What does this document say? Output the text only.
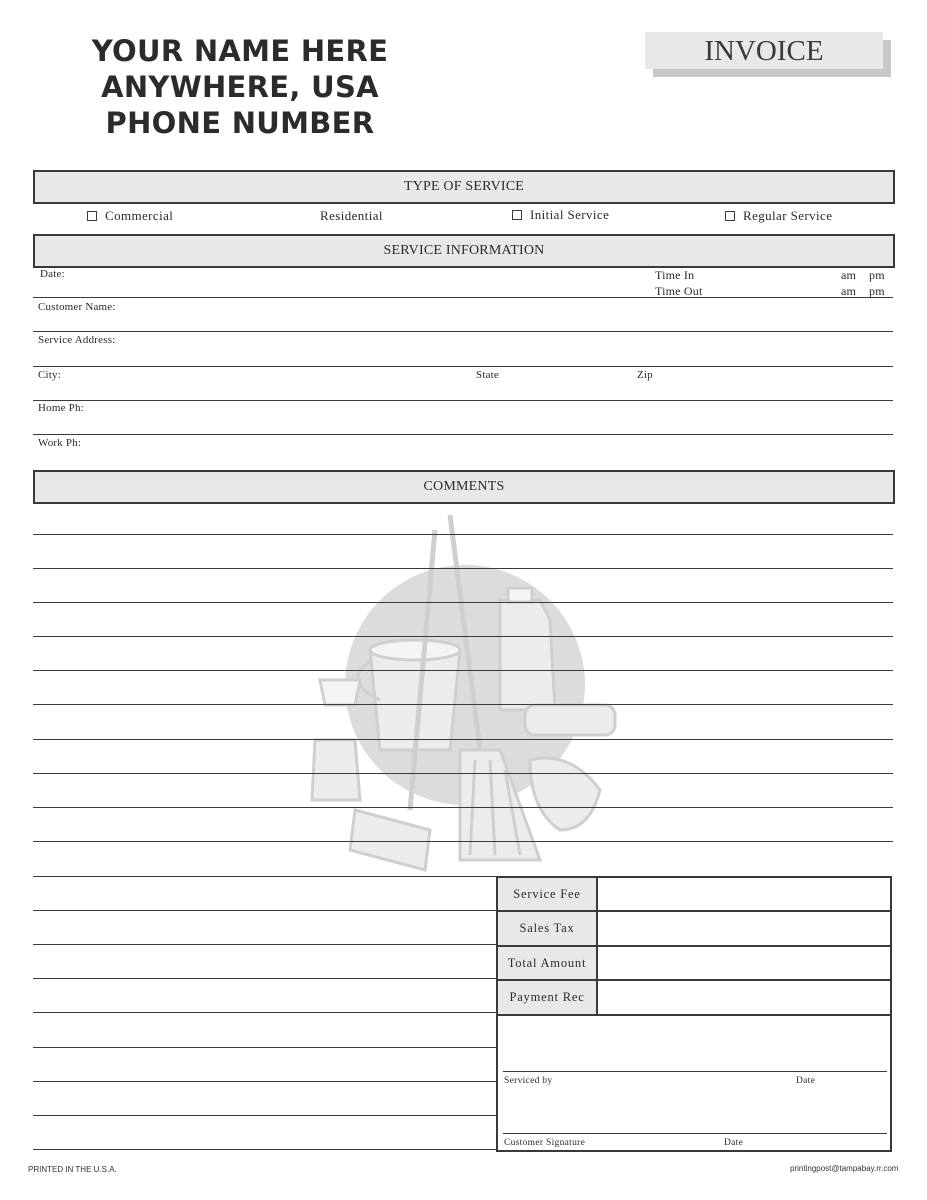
YOUR NAME HERE
ANYWHERE, USA
PHONE NUMBER
INVOICE
TYPE OF SERVICE
Commercial	Residential	Initial Service	Regular Service
SERVICE INFORMATION
Date:	Time In	am pm
Time Out	am pm
Customer Name:
Service Address:
City:	State	Zip
Home Ph:
Work Ph:
COMMENTS
Service Fee
Sales Tax
Total Amount
Payment Rec
Serviced by	Date
Customer Signature	Date
PRINTED IN THE U.S.A.	printingpost@tampabay.rr.com
